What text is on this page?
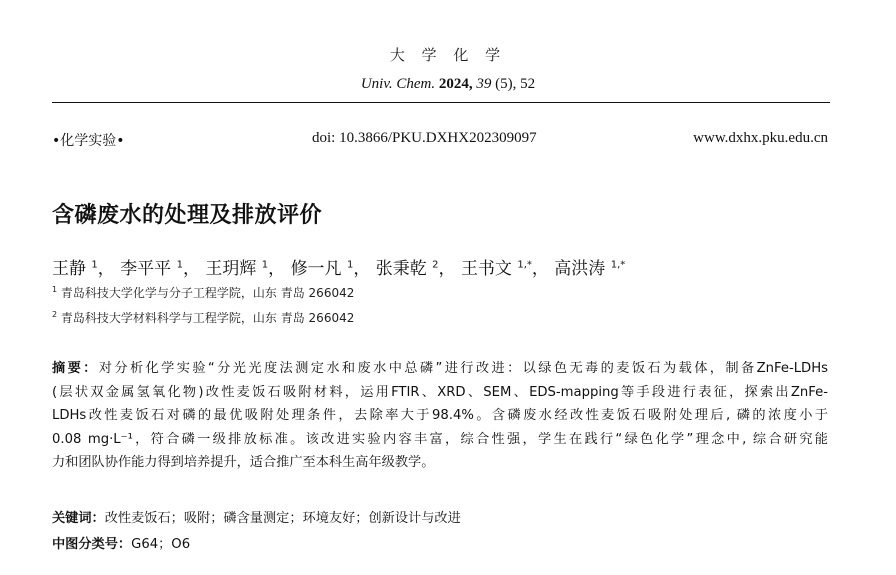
大 学 化 学
Univ. Chem. 2024, 39 (5), 52
•化学实验•	doi: 10.3866/PKU.DXHX202309097	www.dxhx.pku.edu.cn
含磷废水的处理及排放评价
王静 $^1$， 李平平 $^1$， 王玥辉 $^1$， 修一凡 $^1$， 张秉乾 $^2$， 王书文 $^{1,*}$， 高洪涛 $^{1,*}$
$^1$ 青岛科技大学化学与分子工程学院，山东 青岛 266042
$^2$ 青岛科技大学材料科学与工程学院，山东 青岛 266042
摘要：对分析化学实验“分光光度法测定水和废水中总磷”进行改进：以绿色无毒的麦饭石为载体，制备ZnFe-LDHs
(层状双金属氢氧化物)改性麦饭石吸附材料，运用FTIR、XRD、SEM、EDS-mapping等手段进行表征，探索出ZnFe-
LDHs改性麦饭石对磷的最优吸附处理条件，去除率大于98.4%。含磷废水经改性麦饭石吸附处理后, 磷的浓度小于
0.08 mg·L⁻¹，符合磷一级排放标准。该改进实验内容丰富，综合性强，学生在践行“绿色化学”理念中, 综合研究能
力和团队协作能力得到培养提升，适合推广至本科生高年级教学。
关键词：改性麦饭石；吸附；磷含量测定；环境友好；创新设计与改进
中图分类号：G64；O6
